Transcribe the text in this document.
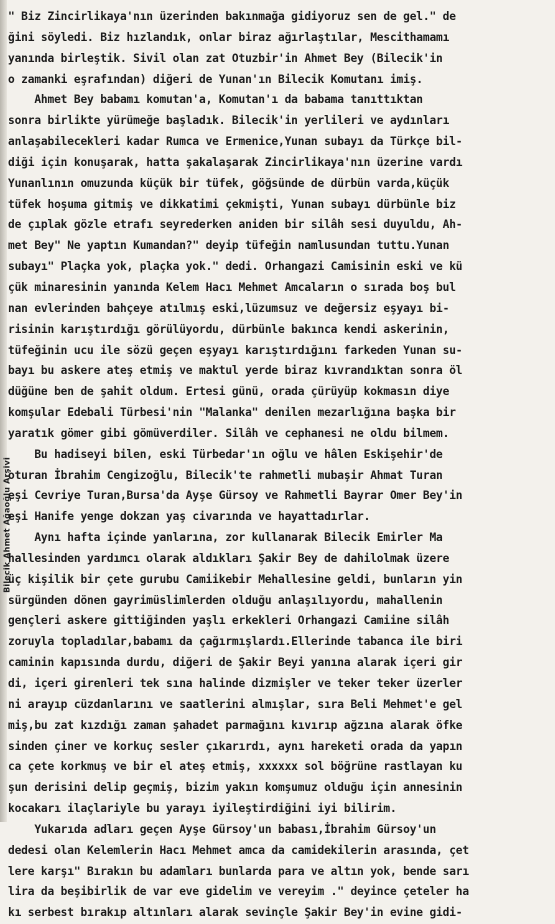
Bilecik Ahmet Ağaoğlu Arşivi
" Biz Zincirlikaya'nın üzerinden bakınmağa gidiyoruz sen de gel." de
ğini söyledi. Biz hızlandık, onlar biraz ağırlaştılar, Mescithamamı
yanında birleştik. Sivil olan zat Otuzbir'in Ahmet Bey (Bilecik'in
o zamanki eşrafından) diğeri de Yunan'ın Bilecik Komutanı imiş.
Ahmet Bey babamı komutan'a, Komutan'ı da babama tanıttıktan
sonra birlikte yürümeğe başladık. Bilecik'in yerlileri ve aydınları
anlaşabilecekleri kadar Rumca ve Ermenice,Yunan subayı da Türkçe bil-
diği için konuşarak, hatta şakalaşarak Zincirlikaya'nın üzerine vardı
Yunanlının omuzunda küçük bir tüfek, göğsünde de dürbün varda,küçük
tüfek hoşuma gitmiş ve dikkatimi çekmişti, Yunan subayı dürbünle biz
de çıplak gözle etrafı seyrederken aniden bir silâh sesi duyuldu, Ah-
met Bey" Ne yaptın Kumandan?" deyip tüfeğin namlusundan tuttu.Yunan
subayı" Plaçka yok, plaçka yok." dedi. Orhangazi Camisinin eski ve kü
çük minaresinin yanında Kelem Hacı Mehmet Amcaların o sırada boş bul
nan evlerinden bahçeye atılmış eski,lüzumsuz ve değersiz eşyayı bi-
risinin karıştırdığı görülüyordu, dürbünle bakınca kendi askerinin,
tüfeğinin ucu ile sözü geçen eşyayı karıştırdığını farkeden Yunan su-
bayı bu askere ateş etmiş ve maktul yerde biraz kıvrandıktan sonra öl
düğüne ben de şahit oldum. Ertesi günü, orada çürüyüp kokmasın diye
komşular Edebali Türbesi'nin "Malanka" denilen mezarlığına başka bir
yaratık gömer gibi gömüverdiler. Silâh ve cephanesi ne oldu bilmem.
Bu hadiseyi bilen, eski Türbedar'ın oğlu ve hâlen Eskişehir'de
oturan İbrahim Cengizoğlu, Bilecik'te rahmetli mubaşir Ahmat Turan
eşi Cevriye Turan,Bursa'da Ayşe Gürsoy ve Rahmetli Bayrar Omer Bey'in
eşi Hanife yenge dokzan yaş civarında ve hayattadırlar.
Aynı hafta içinde yanlarına, zor kullanarak Bilecik Emirler Ma
hallesinden yardımcı olarak aldıkları Şakir Bey de dahilolmak üzere
üç kişilik bir çete gurubu Camiikebir Mehallesine geldi, bunların yin
sürgünden dönen gayrimüslimlerden olduğu anlaşılıyordu, mahallenin
gençleri askere gittiğinden yaşlı erkekleri Orhangazi Camiine silâh
zoruyla topladılar,babamı da çağırmışlardı.Ellerinde tabanca ile biri
caminin kapısında durdu, diğeri de Şakir Beyi yanına alarak içeri gir
di, içeri girenleri tek sına halinde dizmişler ve teker teker üzerler
ni arayıp cüzdanlarını ve saatlerini almışlar, sıra Beli Mehmet'e gel
miş,bu zat kızdığı zaman şahadet parmağını kıvırıp ağzına alarak öfke
sinden çiner ve korkuç sesler çıkarırdı, aynı hareketi orada da yapın
ca çete korkmuş ve bir el ateş etmiş, xxxxxx sol böğrüne rastlayan ku
şun derisini delip geçmiş, bizim yakın komşumuz olduğu için annesinin
kocakarı ilaçlariyle bu yarayı iyileştirdiğini iyi bilirim.
Yukarıda adları geçen Ayşe Gürsoy'un babası,İbrahim Gürsoy'un
dedesi olan Kelemlerin Hacı Mehmet amca da camidekilerin arasında, çet
lere karşı" Bırakın bu adamları bunlarda para ve altın yok, bende sarı
lira da beşibirlik de var eve gidelim ve vereyim ." deyince çeteler ha
kı serbest bırakıp altınları alarak sevinçle Şakir Bey'in evine gidi-
